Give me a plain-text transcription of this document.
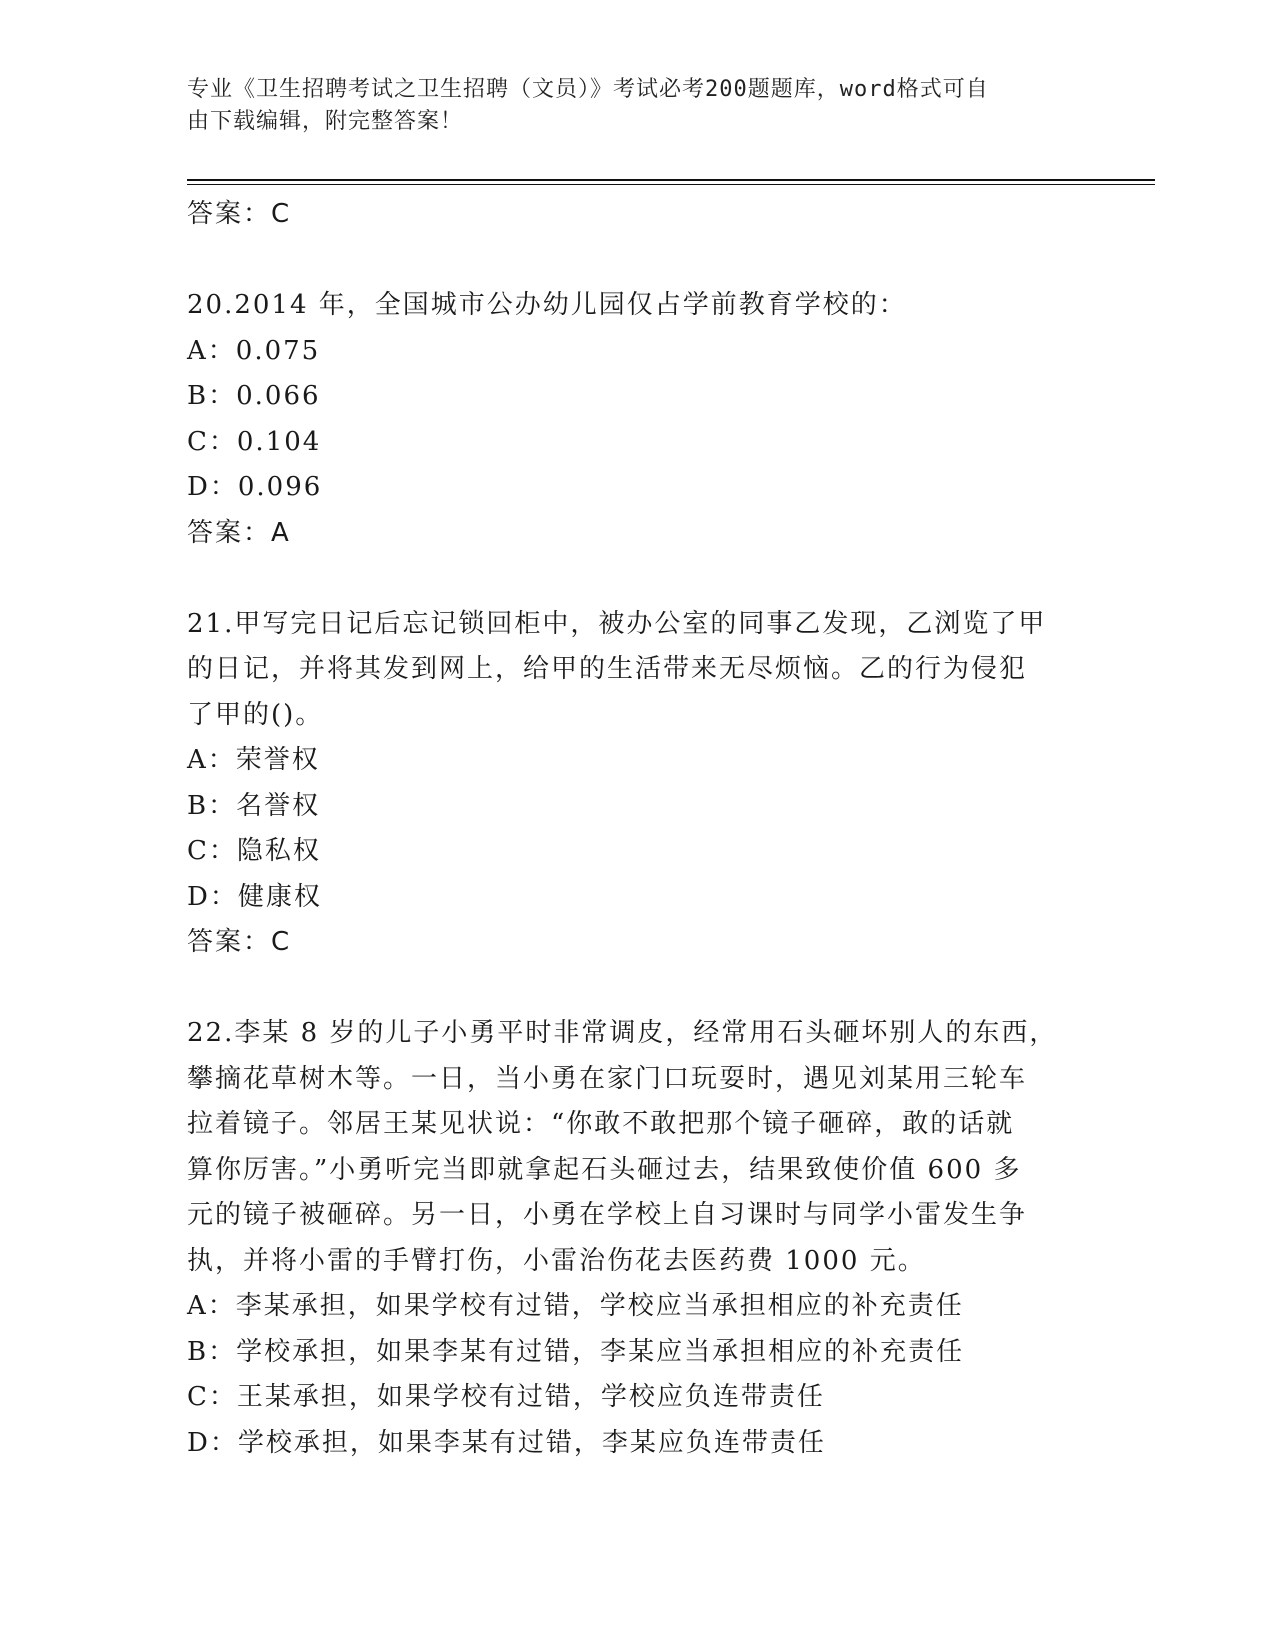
专业《卫生招聘考试之卫生招聘（文员）》考试必考200题题库，word格式可自
由下载编辑，附完整答案！

答案：C

20.2014 年，全国城市公办幼儿园仅占学前教育学校的：

A：0.075

B：0.066

C：0.104

D：0.096

答案：A

21.甲写完日记后忘记锁回柜中，被办公室的同事乙发现，乙浏览了甲

的日记，并将其发到网上，给甲的生活带来无尽烦恼。乙的行为侵犯

了甲的()。

A：荣誉权

B：名誉权

C：隐私权

D：健康权

答案：C

22.李某 8 岁的儿子小勇平时非常调皮，经常用石头砸坏别人的东西，

攀摘花草树木等。一日，当小勇在家门口玩耍时，遇见刘某用三轮车

拉着镜子。邻居王某见状说：“你敢不敢把那个镜子砸碎，敢的话就

算你厉害。”小勇听完当即就拿起石头砸过去，结果致使价值 600 多

元的镜子被砸碎。另一日，小勇在学校上自习课时与同学小雷发生争

执，并将小雷的手臂打伤，小雷治伤花去医药费 1000 元。

A：李某承担，如果学校有过错，学校应当承担相应的补充责任

B：学校承担，如果李某有过错，李某应当承担相应的补充责任

C：王某承担，如果学校有过错，学校应负连带责任

D：学校承担，如果李某有过错，李某应负连带责任
